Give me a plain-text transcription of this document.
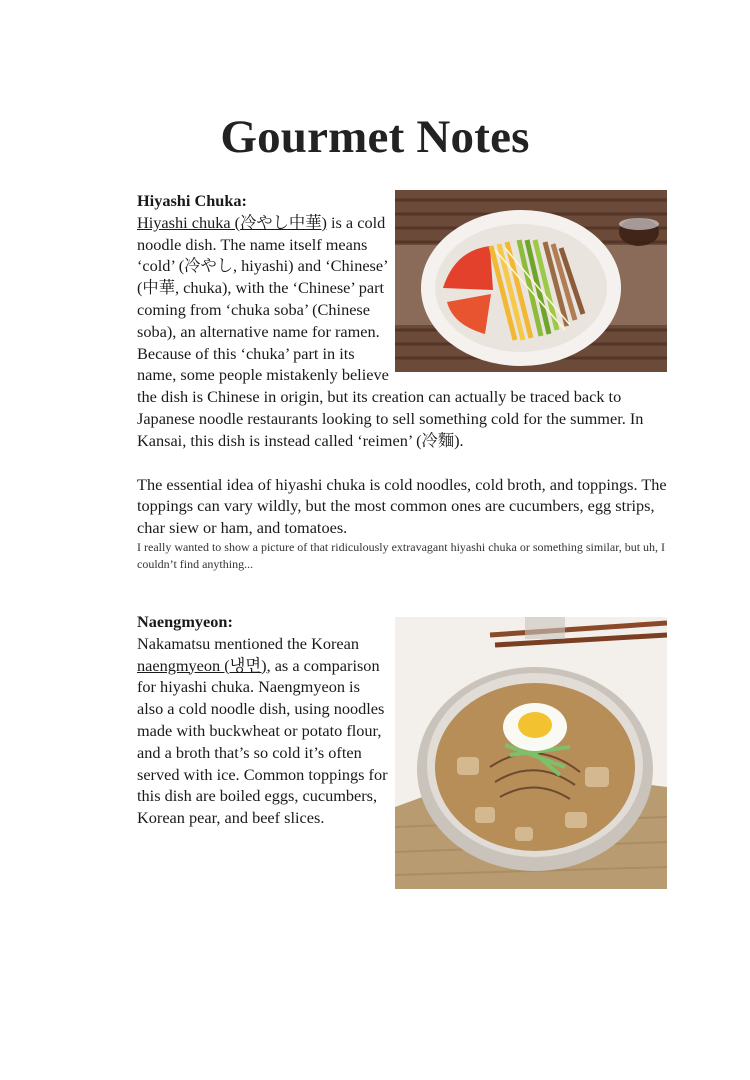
Gourmet Notes

Hiyashi Chuka:
Hiyashi chuka (冷やし中華) is a cold noodle dish. The name itself means ‘cold’ (冷やし, hiyashi) and ‘Chinese’ (中華, chuka), with the ‘Chinese’ part coming from ‘chuka soba’ (Chinese soba), an alternative name for ramen. Because of this ‘chuka’ part in its name, some people mistakenly believe the dish is Chinese in origin, but its creation can actually be traced back to Japanese noodle restaurants looking to sell something cold for the summer. In Kansai, this dish is instead called ‘reimen’ (冷麵).

The essential idea of hiyashi chuka is cold noodles, cold broth, and toppings. The toppings can vary wildly, but the most common ones are cucumbers, egg strips, char siew or ham, and tomatoes.

I really wanted to show a picture of that ridiculously extravagant hiyashi chuka or something similar, but uh, I couldn’t find anything...

Naengmyeon:
Nakamatsu mentioned the Korean naengmyeon (냉면), as a comparison for hiyashi chuka. Naengmyeon is also a cold noodle dish, using noodles made with buckwheat or potato flour, and a broth that’s so cold it’s often served with ice. Common toppings for this dish are boiled eggs, cucumbers, Korean pear, and beef slices.
